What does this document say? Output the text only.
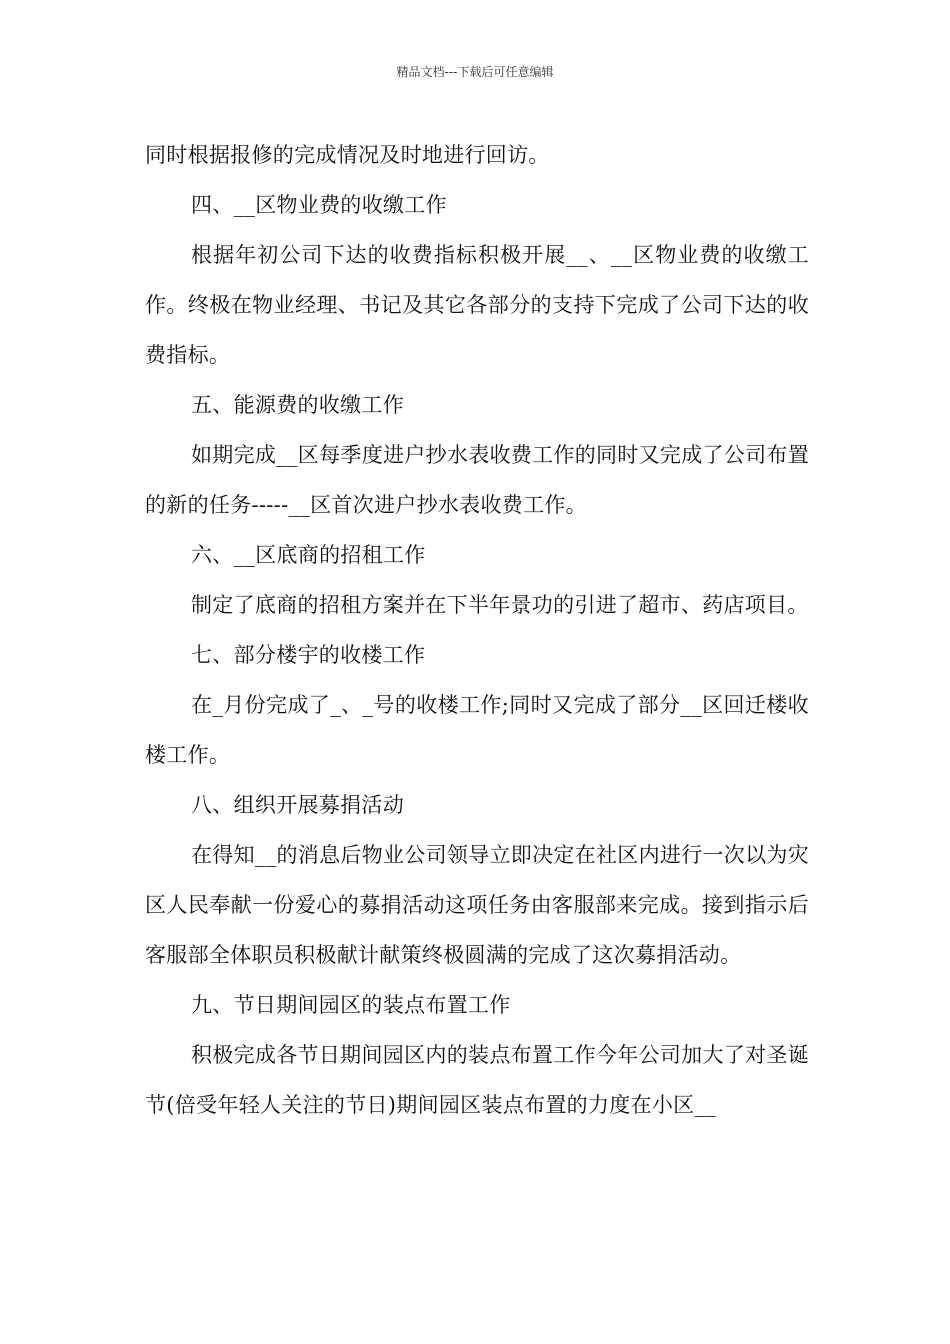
精品文档---下载后可任意编辑

同时根据报修的完成情况及时地进行回访。

四、__区物业费的收缴工作

根据年初公司下达的收费指标积极开展__、__区物业费的收缴工作。终极在物业经理、书记及其它各部分的支持下完成了公司下达的收费指标。

五、能源费的收缴工作

如期完成__区每季度进户抄水表收费工作的同时又完成了公司布置的新的任务-----__区首次进户抄水表收费工作。

六、__区底商的招租工作

制定了底商的招租方案并在下半年景功的引进了超市、药店项目。

七、部分楼宇的收楼工作

在_月份完成了_、_号的收楼工作;同时又完成了部分__区回迁楼收楼工作。

八、组织开展募捐活动

在得知__的消息后物业公司领导立即决定在社区内进行一次以为灾区人民奉献一份爱心的募捐活动这项任务由客服部来完成。接到指示后客服部全体职员积极献计献策终极圆满的完成了这次募捐活动。

九、节日期间园区的装点布置工作

积极完成各节日期间园区内的装点布置工作今年公司加大了对圣诞节(倍受年轻人关注的节日)期间园区装点布置的力度在小区__
